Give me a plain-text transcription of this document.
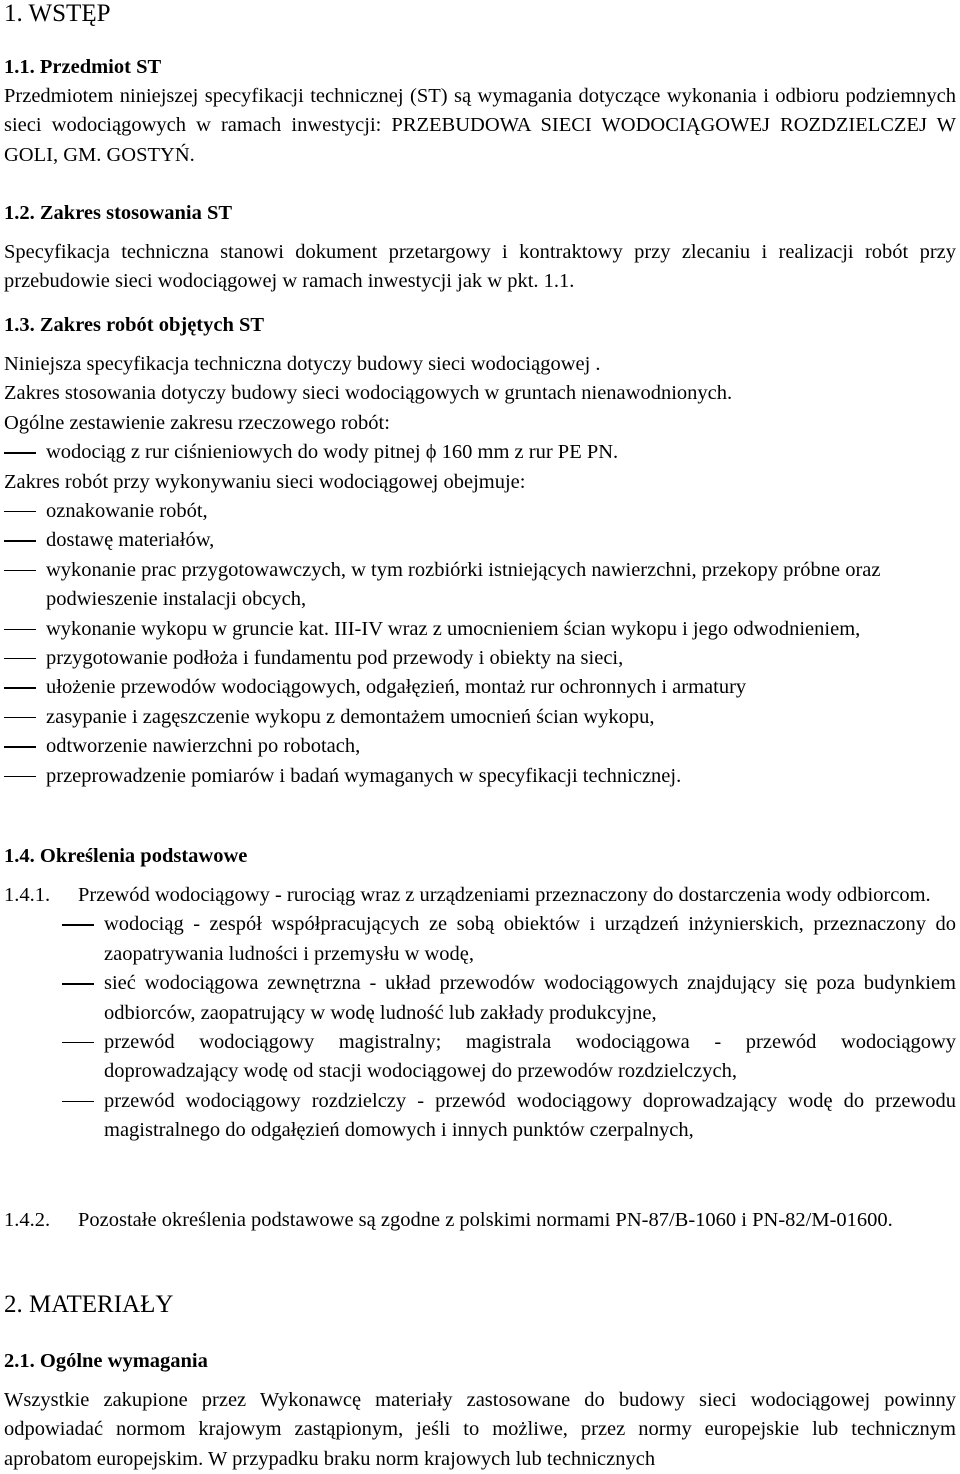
1. WSTĘP
1.1. Przedmiot ST
Przedmiotem niniejszej specyfikacji technicznej (ST) są wymagania dotyczące wykonania i odbioru podziemnych sieci wodociągowych w ramach inwestycji: PRZEBUDOWA SIECI WODOCIĄGOWEJ ROZDZIELCZEJ W GOLI, GM. GOSTYŃ.
1.2. Zakres stosowania ST
Specyfikacja techniczna stanowi dokument przetargowy i kontraktowy przy zlecaniu i realizacji robót przy przebudowie sieci wodociągowej w ramach inwestycji jak w pkt. 1.1.
1.3. Zakres robót objętych ST
Niniejsza specyfikacja techniczna dotyczy budowy sieci wodociągowej .
Zakres stosowania dotyczy budowy sieci wodociągowych w gruntach nienawodnionych.
Ogólne zestawienie zakresu rzeczowego robót:
wodociąg z rur ciśnieniowych do wody pitnej ϕ 160 mm z rur PE PN.
Zakres robót przy wykonywaniu sieci wodociągowej obejmuje:
oznakowanie robót,
dostawę materiałów,
wykonanie prac przygotowawczych, w tym rozbiórki istniejących nawierzchni, przekopy próbne oraz podwieszenie instalacji obcych,
wykonanie wykopu w gruncie kat. III-IV wraz z umocnieniem ścian wykopu i jego odwodnieniem,
przygotowanie podłoża i fundamentu pod przewody i obiekty na sieci,
ułożenie przewodów wodociągowych, odgałęzień, montaż rur ochronnych i armatury
zasypanie i zagęszczenie wykopu z demontażem umocnień ścian wykopu,
odtworzenie nawierzchni po robotach,
przeprowadzenie pomiarów i badań wymaganych w specyfikacji technicznej.
1.4. Określenia podstawowe
1.4.1. Przewód wodociągowy - rurociąg wraz z urządzeniami przeznaczony do dostarczenia wody odbiorcom.
wodociąg - zespół współpracujących ze sobą obiektów i urządzeń inżynierskich, przeznaczony do zaopatrywania ludności i przemysłu w wodę,
sieć wodociągowa zewnętrzna - układ przewodów wodociągowych znajdujący się poza budynkiem odbiorców, zaopatrujący w wodę ludność lub zakłady produkcyjne,
przewód wodociągowy magistralny; magistrala wodociągowa - przewód wodociągowy doprowadzający wodę od stacji wodociągowej do przewodów rozdzielczych,
przewód wodociągowy rozdzielczy - przewód wodociągowy doprowadzający wodę do przewodu magistralnego do odgałęzień domowych i innych punktów czerpalnych,
1.4.2. Pozostałe określenia podstawowe są zgodne z polskimi normami PN-87/B-1060 i PN-82/M-01600.
2. MATERIAŁY
2.1. Ogólne wymagania
Wszystkie zakupione przez Wykonawcę materiały zastosowane do budowy sieci wodociągowej powinny odpowiadać normom krajowym zastąpionym, jeśli to możliwe, przez normy europejskie lub technicznym aprobatom europejskim. W przypadku braku norm krajowych lub technicznych
